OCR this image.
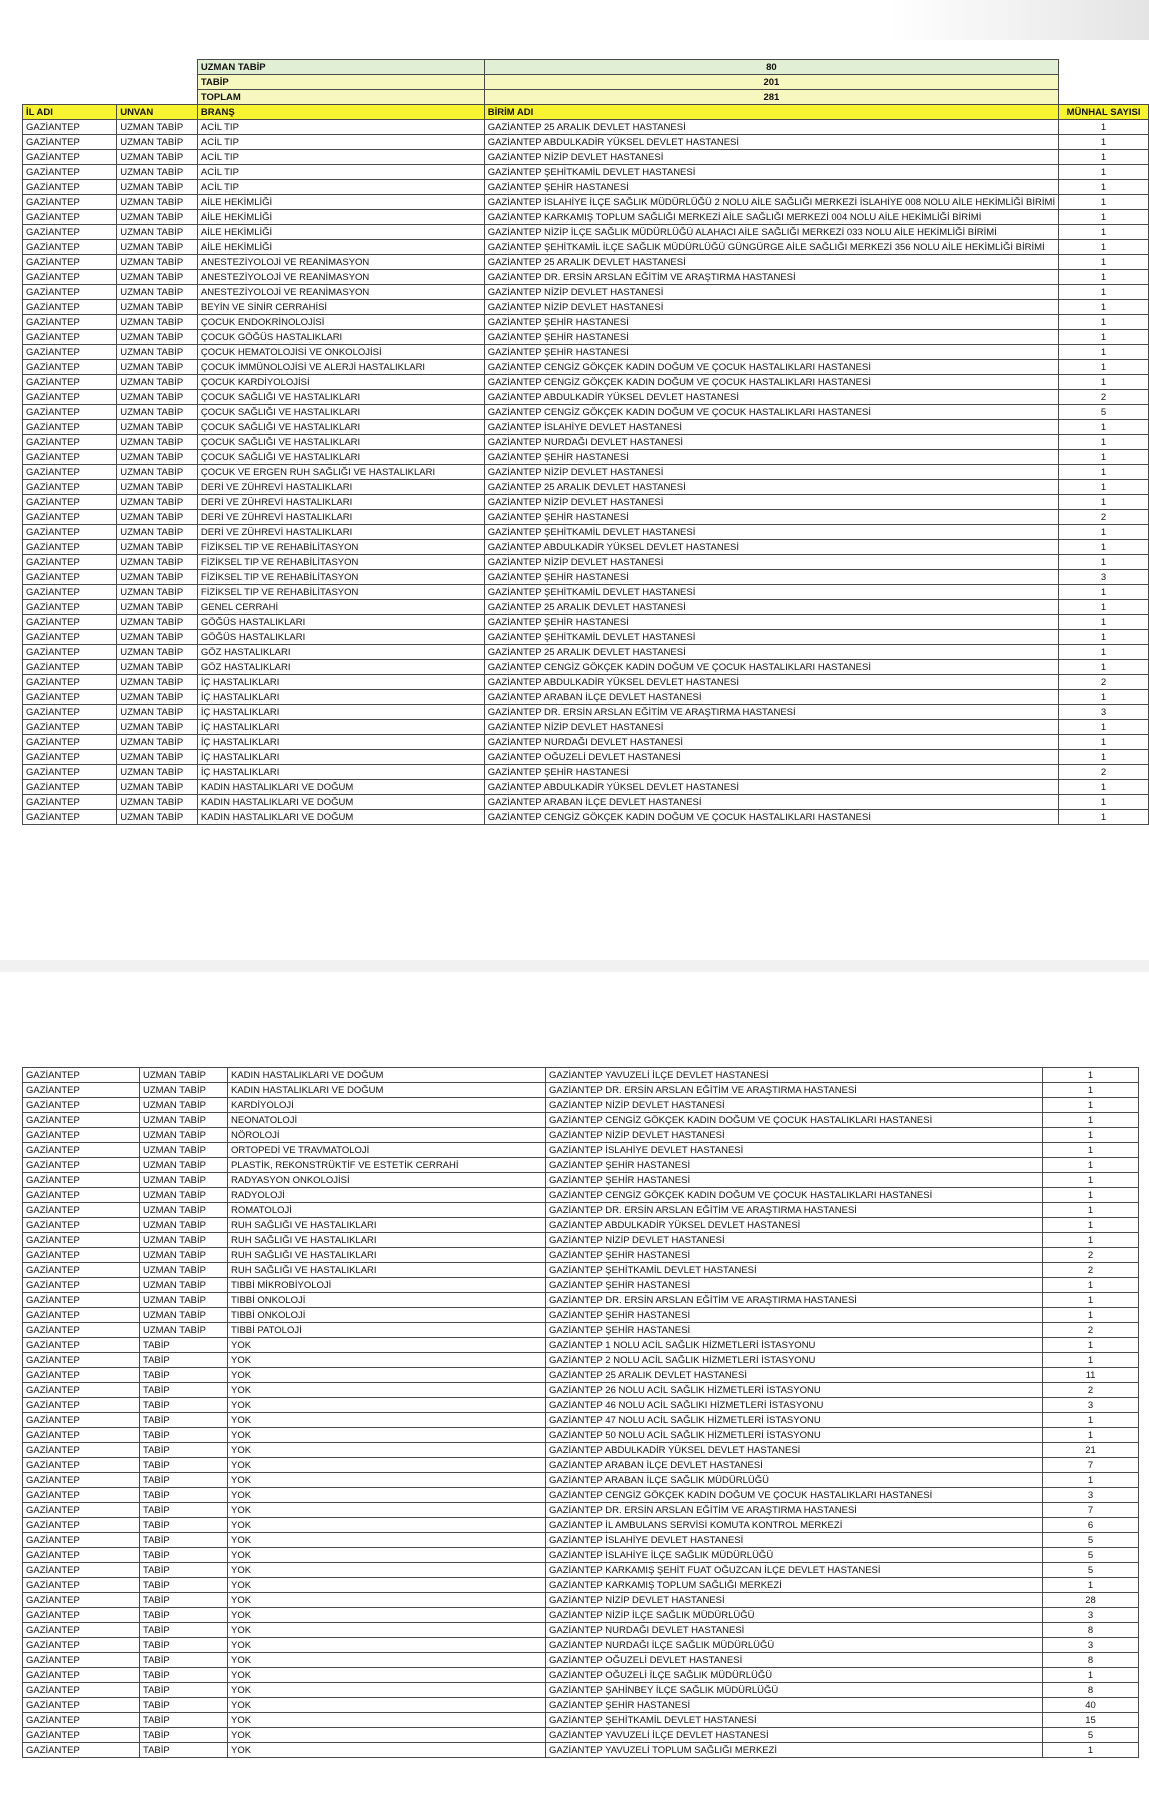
		UZMAN TABİP	80	
		TABİP	201	
		TOPLAM	281	
İL ADI	UNVAN	BRANŞ	BİRİM ADI	MÜNHAL SAYISI
GAZİANTEP	UZMAN TABİP	ACİL TIP	GAZİANTEP 25 ARALIK DEVLET HASTANESİ	1
GAZİANTEP	UZMAN TABİP	ACİL TIP	GAZİANTEP ABDULKADİR YÜKSEL DEVLET HASTANESİ	1
GAZİANTEP	UZMAN TABİP	ACİL TIP	GAZİANTEP NİZİP DEVLET HASTANESİ	1
GAZİANTEP	UZMAN TABİP	ACİL TIP	GAZİANTEP ŞEHİTKAMİL DEVLET HASTANESİ	1
GAZİANTEP	UZMAN TABİP	ACİL TIP	GAZİANTEP ŞEHİR HASTANESİ	1
GAZİANTEP	UZMAN TABİP	AİLE HEKİMLİĞİ	GAZİANTEP İSLAHİYE İLÇE SAĞLIK MÜDÜRLÜĞÜ 2 NOLU AİLE SAĞLIĞI MERKEZİ İSLAHİYE 008 NOLU AİLE HEKİMLİĞİ BİRİMİ	1
GAZİANTEP	UZMAN TABİP	AİLE HEKİMLİĞİ	GAZİANTEP KARKAMIŞ TOPLUM SAĞLIĞI MERKEZİ AİLE SAĞLIĞI MERKEZİ 004 NOLU AİLE HEKİMLİĞİ BİRİMİ	1
GAZİANTEP	UZMAN TABİP	AİLE HEKİMLİĞİ	GAZİANTEP NİZİP İLÇE SAĞLIK MÜDÜRLÜĞÜ ALAHACI AİLE SAĞLIĞI MERKEZİ 033 NOLU AİLE HEKİMLİĞİ BİRİMİ	1
GAZİANTEP	UZMAN TABİP	AİLE HEKİMLİĞİ	GAZİANTEP ŞEHİTKAMİL İLÇE SAĞLIK MÜDÜRLÜĞÜ GÜNGÜRGE AİLE SAĞLIĞI MERKEZİ 356 NOLU AİLE HEKİMLİĞİ BİRİMİ	1
GAZİANTEP	UZMAN TABİP	ANESTEZİYOLOJİ VE REANİMASYON	GAZİANTEP 25 ARALIK DEVLET HASTANESİ	1
GAZİANTEP	UZMAN TABİP	ANESTEZİYOLOJİ VE REANİMASYON	GAZİANTEP DR. ERSİN ARSLAN EĞİTİM VE ARAŞTIRMA HASTANESİ	1
GAZİANTEP	UZMAN TABİP	ANESTEZİYOLOJİ VE REANİMASYON	GAZİANTEP NİZİP DEVLET HASTANESİ	1
GAZİANTEP	UZMAN TABİP	BEYİN VE SİNİR CERRAHİSİ	GAZİANTEP NİZİP DEVLET HASTANESİ	1
GAZİANTEP	UZMAN TABİP	ÇOCUK ENDOKRİNOLOJİSİ	GAZİANTEP ŞEHİR HASTANESİ	1
GAZİANTEP	UZMAN TABİP	ÇOCUK GÖĞÜS HASTALIKLARI	GAZİANTEP ŞEHİR HASTANESİ	1
GAZİANTEP	UZMAN TABİP	ÇOCUK HEMATOLOJİSİ VE ONKOLOJİSİ	GAZİANTEP ŞEHİR HASTANESİ	1
GAZİANTEP	UZMAN TABİP	ÇOCUK İMMÜNOLOJİSİ VE ALERJİ HASTALIKLARI	GAZİANTEP CENGİZ GÖKÇEK KADIN DOĞUM VE ÇOCUK HASTALIKLARI HASTANESİ	1
GAZİANTEP	UZMAN TABİP	ÇOCUK KARDİYOLOJİSİ	GAZİANTEP CENGİZ GÖKÇEK KADIN DOĞUM VE ÇOCUK HASTALIKLARI HASTANESİ	1
GAZİANTEP	UZMAN TABİP	ÇOCUK SAĞLIĞI VE HASTALIKLARI	GAZİANTEP ABDULKADİR YÜKSEL DEVLET HASTANESİ	2
GAZİANTEP	UZMAN TABİP	ÇOCUK SAĞLIĞI VE HASTALIKLARI	GAZİANTEP CENGİZ GÖKÇEK KADIN DOĞUM VE ÇOCUK HASTALIKLARI HASTANESİ	5
GAZİANTEP	UZMAN TABİP	ÇOCUK SAĞLIĞI VE HASTALIKLARI	GAZİANTEP İSLAHİYE DEVLET HASTANESİ	1
GAZİANTEP	UZMAN TABİP	ÇOCUK SAĞLIĞI VE HASTALIKLARI	GAZİANTEP NURDAĞI DEVLET HASTANESİ	1
GAZİANTEP	UZMAN TABİP	ÇOCUK SAĞLIĞI VE HASTALIKLARI	GAZİANTEP ŞEHİR HASTANESİ	1
GAZİANTEP	UZMAN TABİP	ÇOCUK VE ERGEN RUH SAĞLIĞI VE HASTALIKLARI	GAZİANTEP NİZİP DEVLET HASTANESİ	1
GAZİANTEP	UZMAN TABİP	DERİ VE ZÜHREVİ HASTALIKLARI	GAZİANTEP 25 ARALIK DEVLET HASTANESİ	1
GAZİANTEP	UZMAN TABİP	DERİ VE ZÜHREVİ HASTALIKLARI	GAZİANTEP NİZİP DEVLET HASTANESİ	1
GAZİANTEP	UZMAN TABİP	DERİ VE ZÜHREVİ HASTALIKLARI	GAZİANTEP ŞEHİR HASTANESİ	2
GAZİANTEP	UZMAN TABİP	DERİ VE ZÜHREVİ HASTALIKLARI	GAZİANTEP ŞEHİTKAMİL DEVLET HASTANESİ	1
GAZİANTEP	UZMAN TABİP	FİZİKSEL TIP VE REHABİLİTASYON	GAZİANTEP ABDULKADİR YÜKSEL DEVLET HASTANESİ	1
GAZİANTEP	UZMAN TABİP	FİZİKSEL TIP VE REHABİLİTASYON	GAZİANTEP NİZİP DEVLET HASTANESİ	1
GAZİANTEP	UZMAN TABİP	FİZİKSEL TIP VE REHABİLİTASYON	GAZİANTEP ŞEHİR HASTANESİ	3
GAZİANTEP	UZMAN TABİP	FİZİKSEL TIP VE REHABİLİTASYON	GAZİANTEP ŞEHİTKAMİL DEVLET HASTANESİ	1
GAZİANTEP	UZMAN TABİP	GENEL CERRAHİ	GAZİANTEP 25 ARALIK DEVLET HASTANESİ	1
GAZİANTEP	UZMAN TABİP	GÖĞÜS HASTALIKLARI	GAZİANTEP ŞEHİR HASTANESİ	1
GAZİANTEP	UZMAN TABİP	GÖĞÜS HASTALIKLARI	GAZİANTEP ŞEHİTKAMİL DEVLET HASTANESİ	1
GAZİANTEP	UZMAN TABİP	GÖZ HASTALIKLARI	GAZİANTEP 25 ARALIK DEVLET HASTANESİ	1
GAZİANTEP	UZMAN TABİP	GÖZ HASTALIKLARI	GAZİANTEP CENGİZ GÖKÇEK KADIN DOĞUM VE ÇOCUK HASTALIKLARI HASTANESİ	1
GAZİANTEP	UZMAN TABİP	İÇ HASTALIKLARI	GAZİANTEP ABDULKADİR YÜKSEL DEVLET HASTANESİ	2
GAZİANTEP	UZMAN TABİP	İÇ HASTALIKLARI	GAZİANTEP ARABAN İLÇE DEVLET HASTANESİ	1
GAZİANTEP	UZMAN TABİP	İÇ HASTALIKLARI	GAZİANTEP DR. ERSİN ARSLAN EĞİTİM VE ARAŞTIRMA HASTANESİ	3
GAZİANTEP	UZMAN TABİP	İÇ HASTALIKLARI	GAZİANTEP NİZİP DEVLET HASTANESİ	1
GAZİANTEP	UZMAN TABİP	İÇ HASTALIKLARI	GAZİANTEP NURDAĞI DEVLET HASTANESİ	1
GAZİANTEP	UZMAN TABİP	İÇ HASTALIKLARI	GAZİANTEP OĞUZELİ DEVLET HASTANESİ	1
GAZİANTEP	UZMAN TABİP	İÇ HASTALIKLARI	GAZİANTEP ŞEHİR HASTANESİ	2
GAZİANTEP	UZMAN TABİP	KADIN HASTALIKLARI VE DOĞUM	GAZİANTEP ABDULKADİR YÜKSEL DEVLET HASTANESİ	1
GAZİANTEP	UZMAN TABİP	KADIN HASTALIKLARI VE DOĞUM	GAZİANTEP ARABAN İLÇE DEVLET HASTANESİ	1
GAZİANTEP	UZMAN TABİP	KADIN HASTALIKLARI VE DOĞUM	GAZİANTEP CENGİZ GÖKÇEK KADIN DOĞUM VE ÇOCUK HASTALIKLARI HASTANESİ	1
GAZİANTEP	UZMAN TABİP	KADIN HASTALIKLARI VE DOĞUM	GAZİANTEP YAVUZELİ İLÇE DEVLET HASTANESİ	1
GAZİANTEP	UZMAN TABİP	KADIN HASTALIKLARI VE DOĞUM	GAZİANTEP DR. ERSİN ARSLAN EĞİTİM VE ARAŞTIRMA HASTANESİ	1
GAZİANTEP	UZMAN TABİP	KARDİYOLOJİ	GAZİANTEP NİZİP DEVLET HASTANESİ	1
GAZİANTEP	UZMAN TABİP	NEONATOLOJİ	GAZİANTEP CENGİZ GÖKÇEK KADIN DOĞUM VE ÇOCUK HASTALIKLARI HASTANESİ	1
GAZİANTEP	UZMAN TABİP	NÖROLOJİ	GAZİANTEP NİZİP DEVLET HASTANESİ	1
GAZİANTEP	UZMAN TABİP	ORTOPEDİ VE TRAVMATOLOJİ	GAZİANTEP İSLAHİYE DEVLET HASTANESİ	1
GAZİANTEP	UZMAN TABİP	PLASTİK, REKONSTRÜKTİF VE ESTETİK CERRAHİ	GAZİANTEP ŞEHİR HASTANESİ	1
GAZİANTEP	UZMAN TABİP	RADYASYON ONKOLOJİSİ	GAZİANTEP ŞEHİR HASTANESİ	1
GAZİANTEP	UZMAN TABİP	RADYOLOJİ	GAZİANTEP CENGİZ GÖKÇEK KADIN DOĞUM VE ÇOCUK HASTALIKLARI HASTANESİ	1
GAZİANTEP	UZMAN TABİP	ROMATOLOJİ	GAZİANTEP DR. ERSİN ARSLAN EĞİTİM VE ARAŞTIRMA HASTANESİ	1
GAZİANTEP	UZMAN TABİP	RUH SAĞLIĞI VE HASTALIKLARI	GAZİANTEP ABDULKADİR YÜKSEL DEVLET HASTANESİ	1
GAZİANTEP	UZMAN TABİP	RUH SAĞLIĞI VE HASTALIKLARI	GAZİANTEP NİZİP DEVLET HASTANESİ	1
GAZİANTEP	UZMAN TABİP	RUH SAĞLIĞI VE HASTALIKLARI	GAZİANTEP ŞEHİR HASTANESİ	2
GAZİANTEP	UZMAN TABİP	RUH SAĞLIĞI VE HASTALIKLARI	GAZİANTEP ŞEHİTKAMİL DEVLET HASTANESİ	2
GAZİANTEP	UZMAN TABİP	TIBBİ MİKROBİYOLOJİ	GAZİANTEP ŞEHİR HASTANESİ	1
GAZİANTEP	UZMAN TABİP	TIBBİ ONKOLOJİ	GAZİANTEP DR. ERSİN ARSLAN EĞİTİM VE ARAŞTIRMA HASTANESİ	1
GAZİANTEP	UZMAN TABİP	TIBBİ ONKOLOJİ	GAZİANTEP ŞEHİR HASTANESİ	1
GAZİANTEP	UZMAN TABİP	TIBBİ PATOLOJİ	GAZİANTEP ŞEHİR HASTANESİ	2
GAZİANTEP	TABİP	YOK	GAZİANTEP 1 NOLU ACİL SAĞLIK HİZMETLERİ İSTASYONU	1
GAZİANTEP	TABİP	YOK	GAZİANTEP 2 NOLU ACİL SAĞLIK HİZMETLERİ İSTASYONU	1
GAZİANTEP	TABİP	YOK	GAZİANTEP 25 ARALIK DEVLET HASTANESİ	11
GAZİANTEP	TABİP	YOK	GAZİANTEP 26 NOLU ACİL SAĞLIK HİZMETLERİ İSTASYONU	2
GAZİANTEP	TABİP	YOK	GAZİANTEP 46 NOLU ACİL SAĞLIKI HİZMETLERİ İSTASYONU	3
GAZİANTEP	TABİP	YOK	GAZİANTEP 47 NOLU ACİL SAĞLIK HİZMETLERİ İSTASYONU	1
GAZİANTEP	TABİP	YOK	GAZİANTEP 50 NOLU ACİL SAĞLIK HİZMETLERİ İSTASYONU	1
GAZİANTEP	TABİP	YOK	GAZİANTEP ABDULKADİR YÜKSEL DEVLET HASTANESİ	21
GAZİANTEP	TABİP	YOK	GAZİANTEP ARABAN İLÇE DEVLET HASTANESİ	7
GAZİANTEP	TABİP	YOK	GAZİANTEP ARABAN İLÇE SAĞLIK MÜDÜRLÜĞÜ	1
GAZİANTEP	TABİP	YOK	GAZİANTEP CENGİZ GÖKÇEK KADIN DOĞUM VE ÇOCUK HASTALIKLARI HASTANESİ	3
GAZİANTEP	TABİP	YOK	GAZİANTEP DR. ERSİN ARSLAN EĞİTİM VE ARAŞTIRMA HASTANESİ	7
GAZİANTEP	TABİP	YOK	GAZİANTEP İL AMBULANS SERVİSİ KOMUTA KONTROL MERKEZİ	6
GAZİANTEP	TABİP	YOK	GAZİANTEP İSLAHİYE DEVLET HASTANESİ	5
GAZİANTEP	TABİP	YOK	GAZİANTEP İSLAHİYE İLÇE SAĞLIK MÜDÜRLÜĞÜ	5
GAZİANTEP	TABİP	YOK	GAZİANTEP KARKAMIŞ ŞEHİT FUAT OĞUZCAN İLÇE DEVLET HASTANESİ	5
GAZİANTEP	TABİP	YOK	GAZİANTEP KARKAMIŞ TOPLUM SAĞLIĞI MERKEZİ	1
GAZİANTEP	TABİP	YOK	GAZİANTEP NİZİP DEVLET HASTANESİ	28
GAZİANTEP	TABİP	YOK	GAZİANTEP NİZİP İLÇE SAĞLIK MÜDÜRLÜĞÜ	3
GAZİANTEP	TABİP	YOK	GAZİANTEP NURDAĞI DEVLET HASTANESİ	8
GAZİANTEP	TABİP	YOK	GAZİANTEP NURDAĞI İLÇE SAĞLIK MÜDÜRLÜĞÜ	3
GAZİANTEP	TABİP	YOK	GAZİANTEP OĞUZELİ DEVLET HASTANESİ	8
GAZİANTEP	TABİP	YOK	GAZİANTEP OĞUZELİ İLÇE SAĞLIK MÜDÜRLÜĞÜ	1
GAZİANTEP	TABİP	YOK	GAZİANTEP ŞAHİNBEY İLÇE SAĞLIK MÜDÜRLÜĞÜ	8
GAZİANTEP	TABİP	YOK	GAZİANTEP ŞEHİR HASTANESİ	40
GAZİANTEP	TABİP	YOK	GAZİANTEP ŞEHİTKAMİL DEVLET HASTANESİ	15
GAZİANTEP	TABİP	YOK	GAZİANTEP YAVUZELİ İLÇE DEVLET HASTANESİ	5
GAZİANTEP	TABİP	YOK	GAZİANTEP YAVUZELİ TOPLUM SAĞLIĞI MERKEZİ	1
